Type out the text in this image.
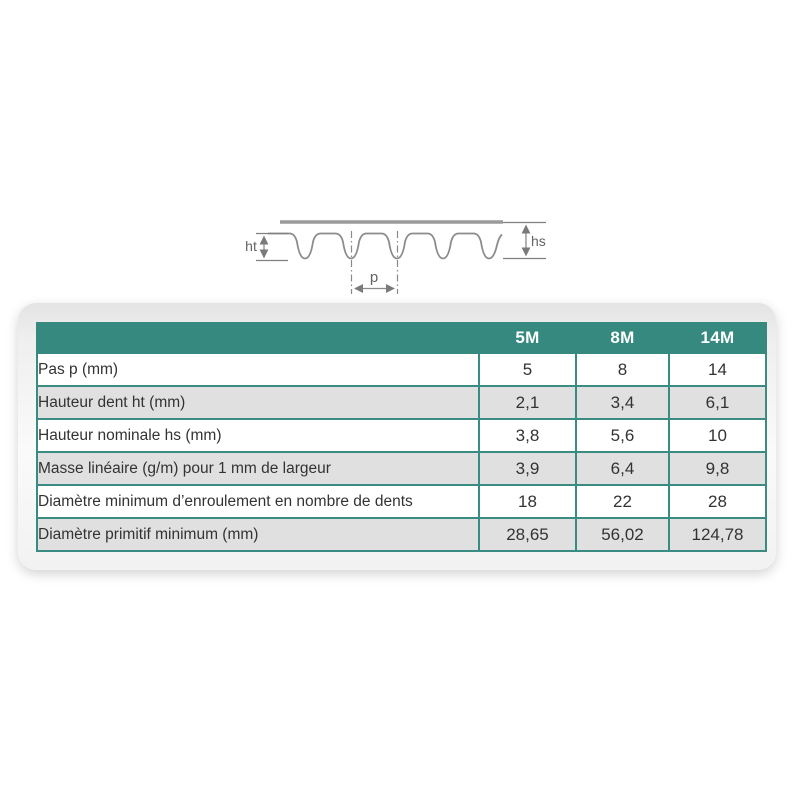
ht	hs
p
	5M	8M	14M
Pas p (mm)	5	8	14
Hauteur dent ht (mm)	2,1	3,4	6,1
Hauteur nominale hs (mm)	3,8	5,6	10
Masse linéaire (g/m) pour 1 mm de largeur	3,9	6,4	9,8
Diamètre minimum d’enroulement en nombre de dents	18	22	28
Diamètre primitif minimum (mm)	28,65	56,02	124,78
